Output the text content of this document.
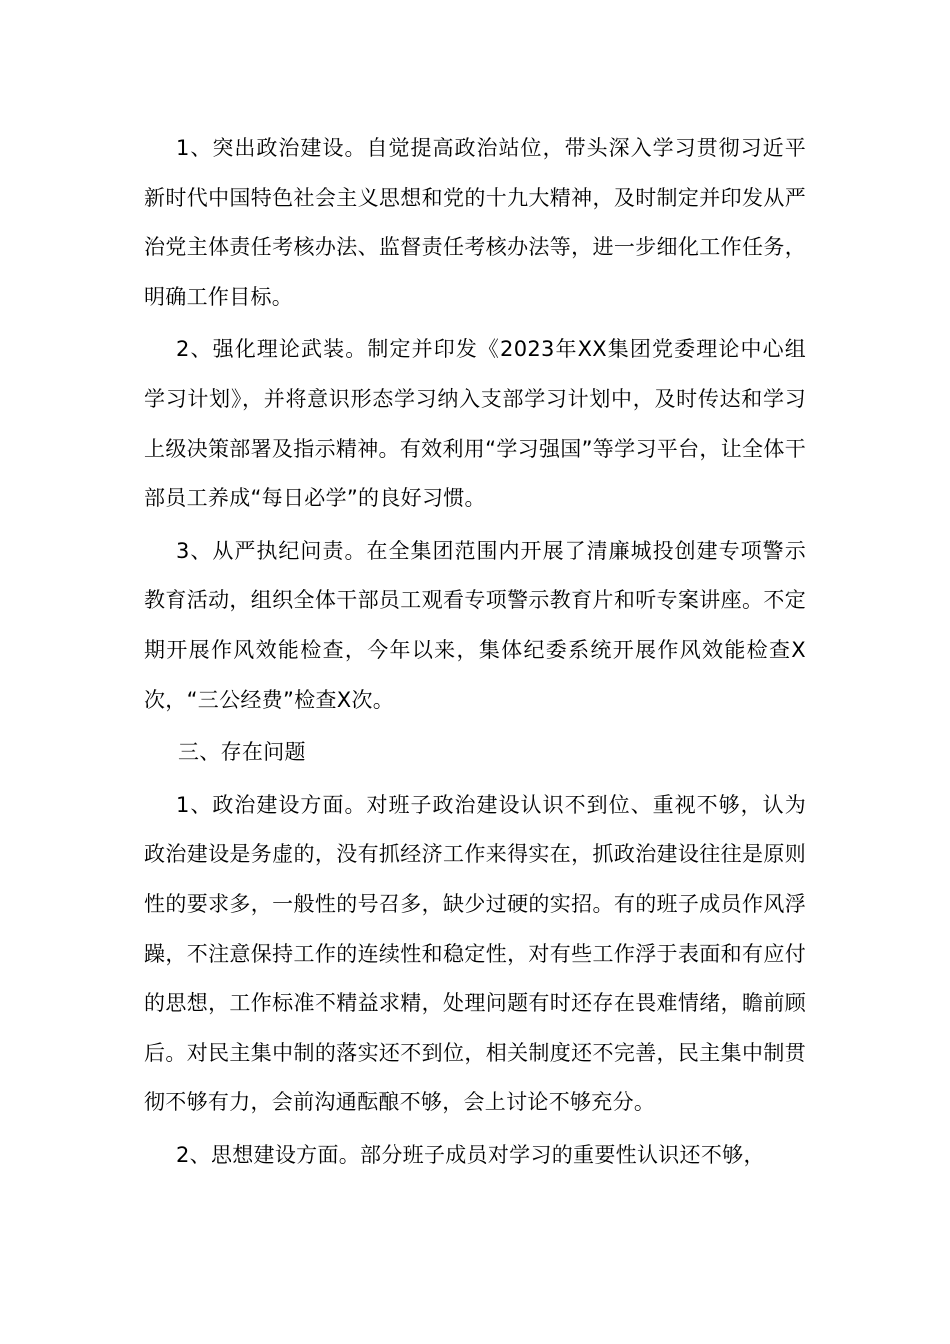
1、突出政治建设。自觉提高政治站位，带头深入学习贯彻习近平新时代中国特色社会主义思想和党的十九大精神，及时制定并印发从严治党主体责任考核办法、监督责任考核办法等，进一步细化工作任务，明确工作目标。

2、强化理论武装。制定并印发《2023年XX集团党委理论中心组学习计划》，并将意识形态学习纳入支部学习计划中，及时传达和学习上级决策部署及指示精神。有效利用“学习强国”等学习平台，让全体干部员工养成“每日必学”的良好习惯。

3、从严执纪问责。在全集团范围内开展了清廉城投创建专项警示教育活动，组织全体干部员工观看专项警示教育片和听专案讲座。不定期开展作风效能检查，今年以来，集体纪委系统开展作风效能检查X次，“三公经费”检查X次。

三、存在问题

1、政治建设方面。对班子政治建设认识不到位、重视不够，认为政治建设是务虚的，没有抓经济工作来得实在，抓政治建设往往是原则性的要求多，一般性的号召多，缺少过硬的实招。有的班子成员作风浮躁，不注意保持工作的连续性和稳定性，对有些工作浮于表面和有应付的思想，工作标准不精益求精，处理问题有时还存在畏难情绪，瞻前顾后。对民主集中制的落实还不到位，相关制度还不完善，民主集中制贯彻不够有力，会前沟通酝酿不够，会上讨论不够充分。

2、思想建设方面。部分班子成员对学习的重要性认识还不够，
